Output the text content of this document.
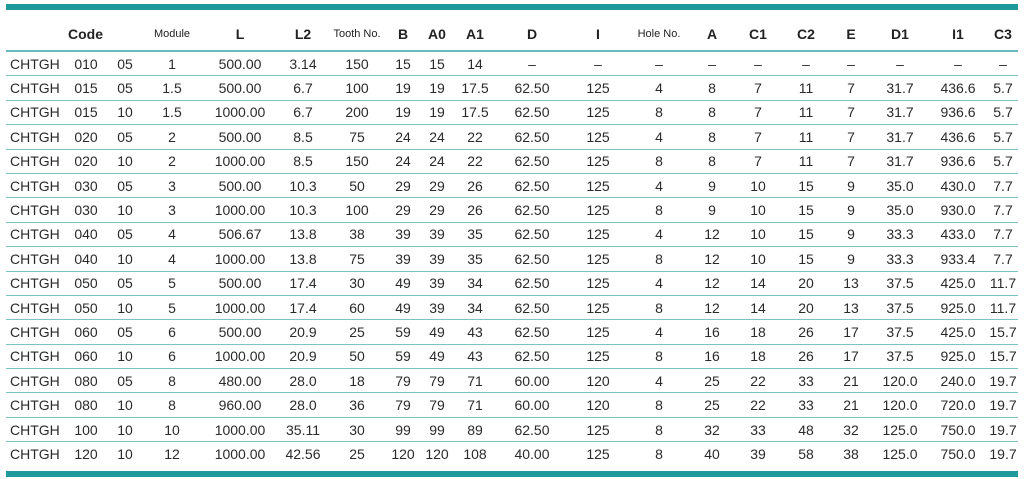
	Code		Module	L	L2	Tooth No.	B	A0	A1	D	I	Hole No.	A	C1	C2	E	D1	I1	C3
CHTGH	010	05	1	500.00	3.14	150	15	15	14	–	–	–	–	–	–	–	–	–	–
CHTGH	015	05	1.5	500.00	6.7	100	19	19	17.5	62.50	125	4	8	7	11	7	31.7	436.6	5.7
CHTGH	015	10	1.5	1000.00	6.7	200	19	19	17.5	62.50	125	8	8	7	11	7	31.7	936.6	5.7
CHTGH	020	05	2	500.00	8.5	75	24	24	22	62.50	125	4	8	7	11	7	31.7	436.6	5.7
CHTGH	020	10	2	1000.00	8.5	150	24	24	22	62.50	125	8	8	7	11	7	31.7	936.6	5.7
CHTGH	030	05	3	500.00	10.3	50	29	29	26	62.50	125	4	9	10	15	9	35.0	430.0	7.7
CHTGH	030	10	3	1000.00	10.3	100	29	29	26	62.50	125	8	9	10	15	9	35.0	930.0	7.7
CHTGH	040	05	4	506.67	13.8	38	39	39	35	62.50	125	4	12	10	15	9	33.3	433.0	7.7
CHTGH	040	10	4	1000.00	13.8	75	39	39	35	62.50	125	8	12	10	15	9	33.3	933.4	7.7
CHTGH	050	05	5	500.00	17.4	30	49	39	34	62.50	125	4	12	14	20	13	37.5	425.0	11.7
CHTGH	050	10	5	1000.00	17.4	60	49	39	34	62.50	125	8	12	14	20	13	37.5	925.0	11.7
CHTGH	060	05	6	500.00	20.9	25	59	49	43	62.50	125	4	16	18	26	17	37.5	425.0	15.7
CHTGH	060	10	6	1000.00	20.9	50	59	49	43	62.50	125	8	16	18	26	17	37.5	925.0	15.7
CHTGH	080	05	8	480.00	28.0	18	79	79	71	60.00	120	4	25	22	33	21	120.0	240.0	19.7
CHTGH	080	10	8	960.00	28.0	36	79	79	71	60.00	120	8	25	22	33	21	120.0	720.0	19.7
CHTGH	100	10	10	1000.00	35.11	30	99	99	89	62.50	125	8	32	33	48	32	125.0	750.0	19.7
CHTGH	120	10	12	1000.00	42.56	25	120	120	108	40.00	125	8	40	39	58	38	125.0	750.0	19.7
